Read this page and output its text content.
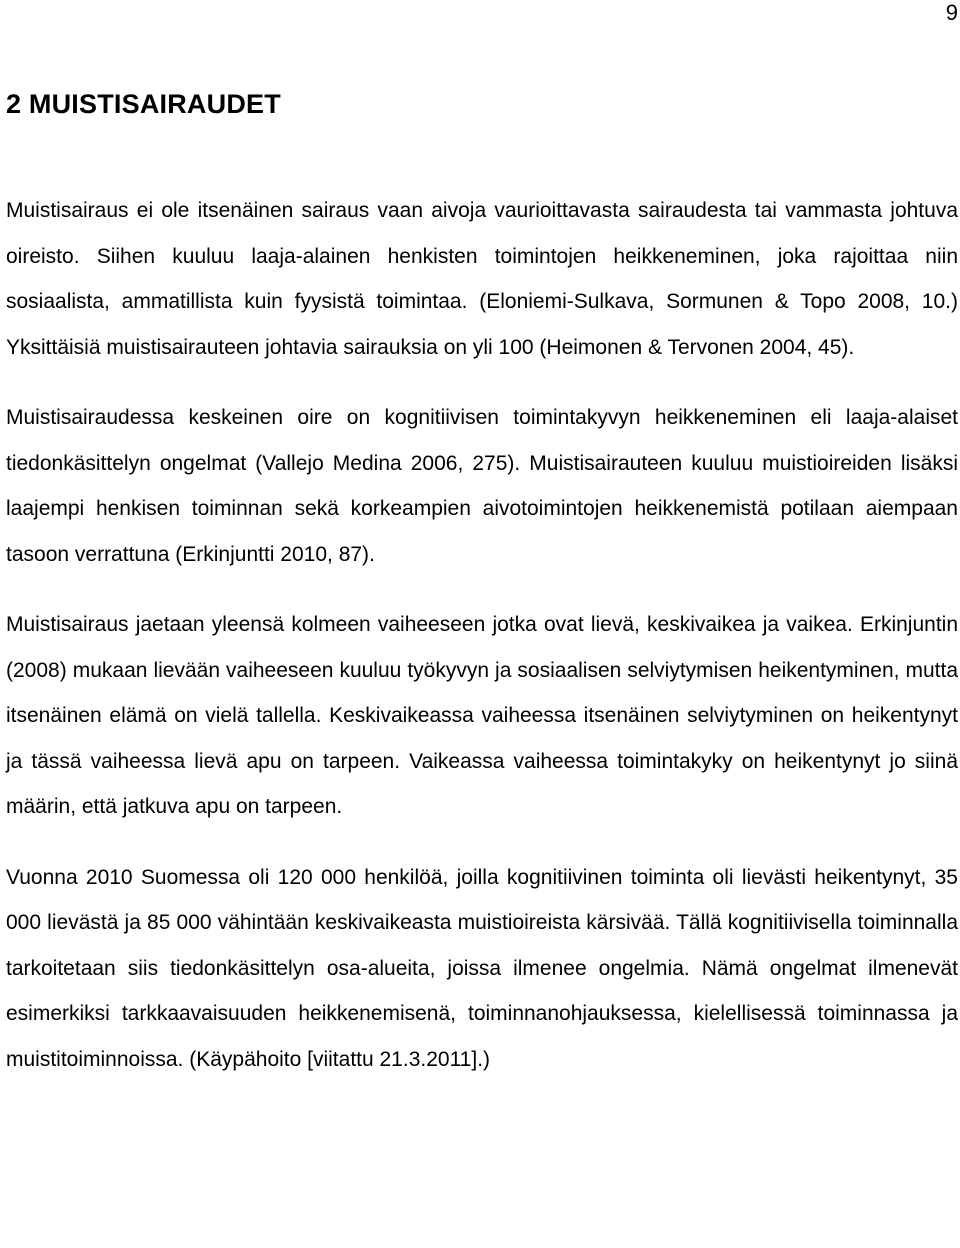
9
2 MUISTISAIRAUDET

Muistisairaus ei ole itsenäinen sairaus vaan aivoja vaurioittavasta sairaudesta tai vammasta johtuva oireisto. Siihen kuuluu laaja-alainen henkisten toimintojen heikkeneminen, joka rajoittaa niin sosiaalista, ammatillista kuin fyysistä toimintaa. (Eloniemi-Sulkava, Sormunen & Topo 2008, 10.) Yksittäisiä muistisairauteen johtavia sairauksia on yli 100 (Heimonen & Tervonen 2004, 45).

Muistisairaudessa keskeinen oire on kognitiivisen toimintakyvyn heikkeneminen eli laaja-alaiset tiedonkäsittelyn ongelmat (Vallejo Medina 2006, 275). Muistisairauteen kuuluu muistioireiden lisäksi laajempi henkisen toiminnan sekä korkeampien aivotoimintojen heikkenemistä potilaan aiempaan tasoon verrattuna (Erkinjuntti 2010, 87).

Muistisairaus jaetaan yleensä kolmeen vaiheeseen jotka ovat lievä, keskivaikea ja vaikea. Erkinjuntin (2008) mukaan lievään vaiheeseen kuuluu työkyvyn ja sosiaalisen selviytymisen heikentyminen, mutta itsenäinen elämä on vielä tallella. Keskivaikeassa vaiheessa itsenäinen selviytyminen on heikentynyt ja tässä vaiheessa lievä apu on tarpeen. Vaikeassa vaiheessa toimintakyky on heikentynyt jo siinä määrin, että jatkuva apu on tarpeen.

Vuonna 2010 Suomessa oli 120 000 henkilöä, joilla kognitiivinen toiminta oli lievästi heikentynyt, 35 000 lievästä ja 85 000 vähintään keskivaikeasta muistioireista kärsivää. Tällä kognitiivisella toiminnalla tarkoitetaan siis tiedonkäsittelyn osa-alueita, joissa ilmenee ongelmia. Nämä ongelmat ilmenevät esimerkiksi tarkkaavaisuuden heikkenemisenä, toiminnanohjauksessa, kielellisessä toiminnassa ja muistitoiminnoissa. (Käypähoito [viitattu 21.3.2011].)
